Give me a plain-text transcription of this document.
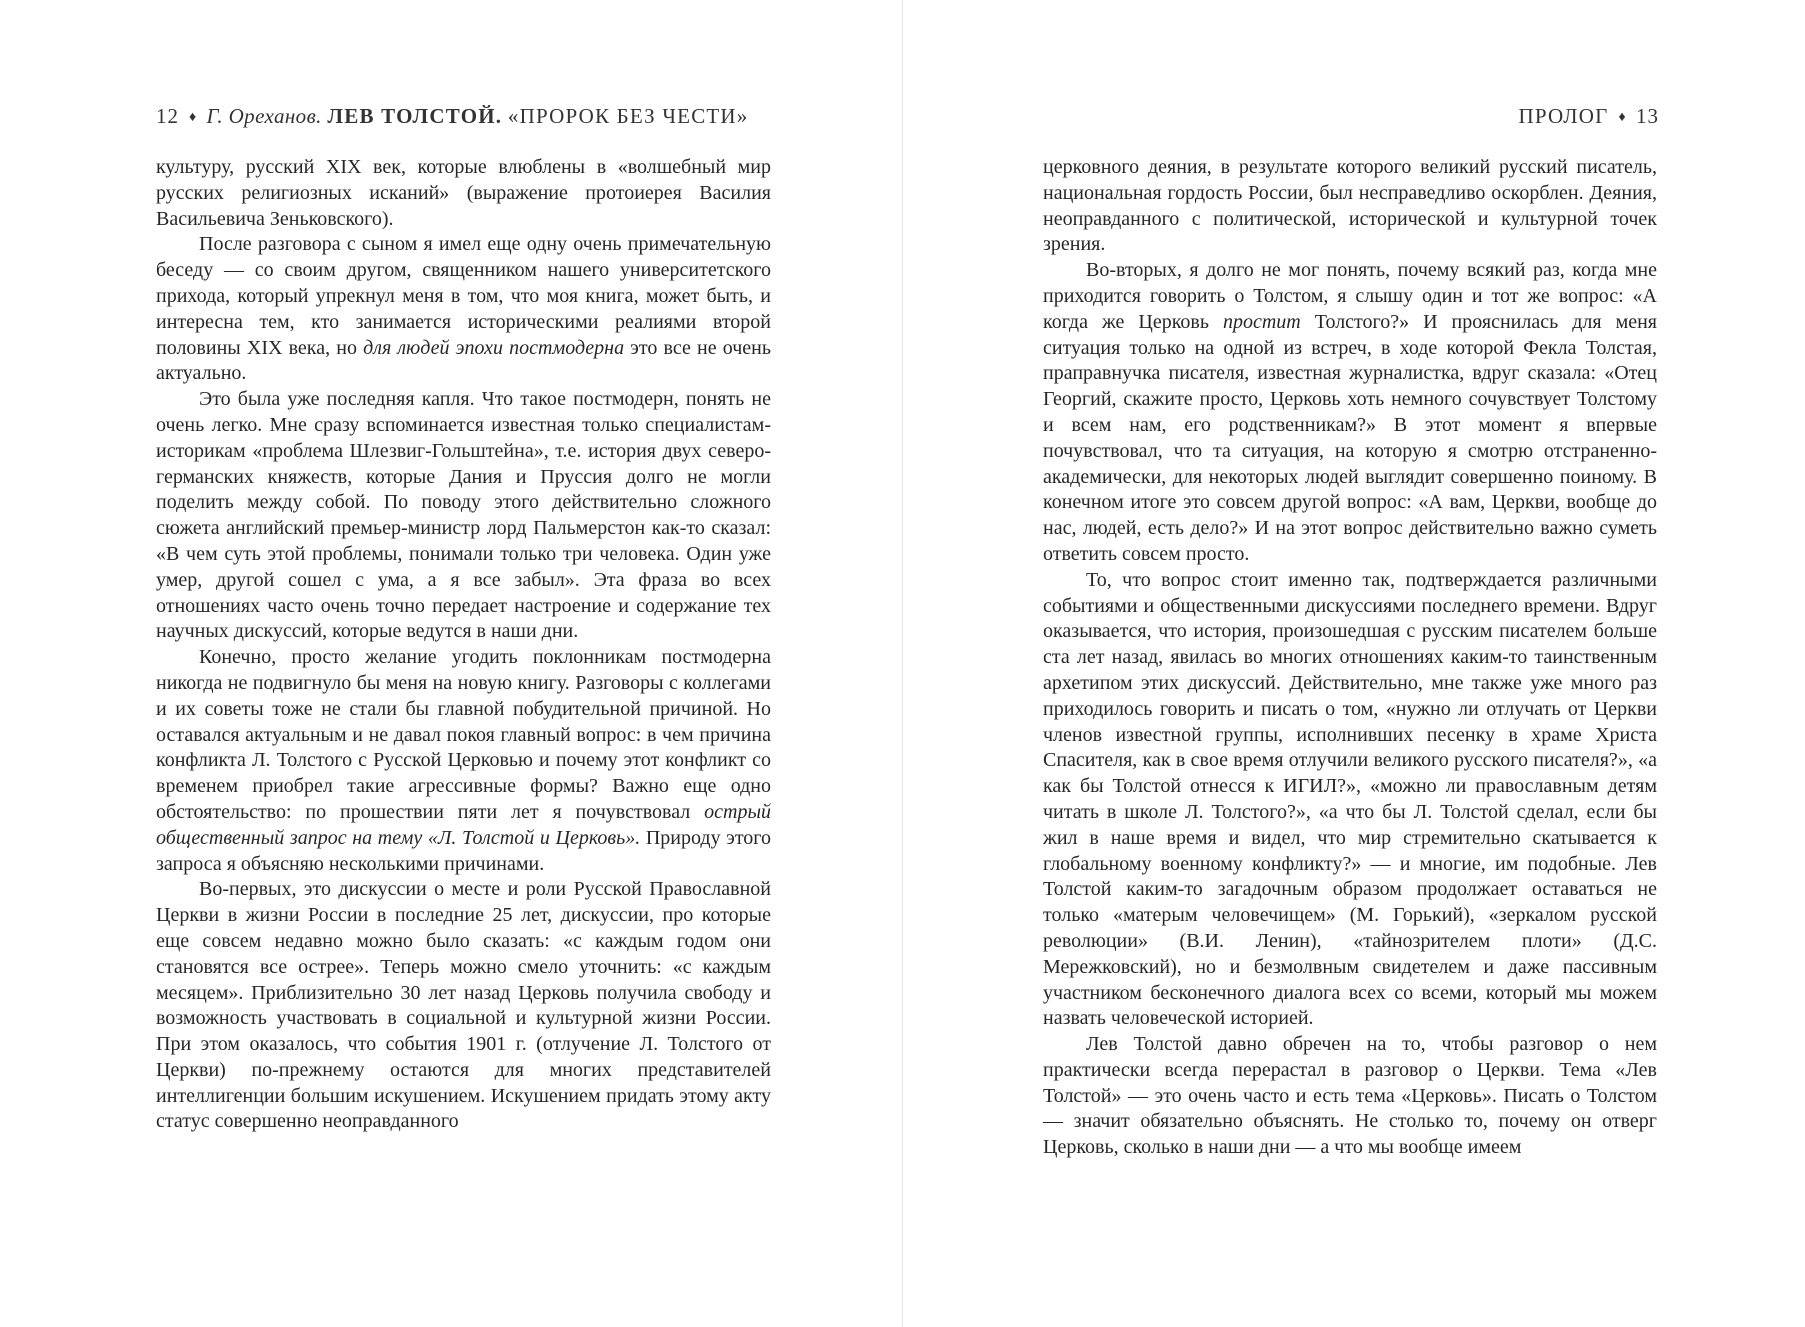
12 ♦ Г. Ореханов. ЛЕВ ТОЛСТОЙ. «ПРОРОК БЕЗ ЧЕСТИ»

культуру, русский XIX век, которые влюблены в «волшебный мир русских религиозных исканий» (выражение протоиерея Василия Васильевича Зеньковского).

После разговора с сыном я имел еще одну очень примечательную беседу — со своим другом, священником нашего университетского прихода, который упрекнул меня в том, что моя книга, может быть, и интересна тем, кто занимается историческими реалиями второй половины XIX века, но для людей эпохи постмодерна это все не очень актуально.

Это была уже последняя капля. Что такое постмодерн, понять не очень легко. Мне сразу вспоминается известная только специалистам-историкам «проблема Шлезвиг-Гольштейна», т.е. история двух северо-германских княжеств, которые Дания и Пруссия долго не могли поделить между собой. По поводу этого действительно сложного сюжета английский премьер-министр лорд Пальмерстон как-то сказал: «В чем суть этой проблемы, понимали только три человека. Один уже умер, другой сошел с ума, а я все забыл». Эта фраза во всех отношениях часто очень точно передает настроение и содержание тех научных дискуссий, которые ведутся в наши дни.

Конечно, просто желание угодить поклонникам постмодерна никогда не подвигнуло бы меня на новую книгу. Разговоры с коллегами и их советы тоже не стали бы главной побудительной причиной. Но оставался актуальным и не давал покоя главный вопрос: в чем причина конфликта Л. Толстого с Русской Церковью и почему этот конфликт со временем приобрел такие агрессивные формы? Важно еще одно обстоятельство: по прошествии пяти лет я почувствовал острый общественный запрос на тему «Л. Толстой и Церковь». Природу этого запроса я объясняю несколькими причинами.

Во-первых, это дискуссии о месте и роли Русской Православной Церкви в жизни России в последние 25 лет, дискуссии, про которые еще совсем недавно можно было сказать: «с каждым годом они становятся все острее». Теперь можно смело уточнить: «с каждым месяцем». Приблизительно 30 лет назад Церковь получила свободу и возможность участвовать в социальной и культурной жизни России. При этом оказалось, что события 1901 г. (отлучение Л. Толстого от Церкви) по-прежнему остаются для многих представителей интеллигенции большим искушением. Искушением придать этому акту статус совершенно неоправданного

ПРОЛОГ ♦ 13

церковного деяния, в результате которого великий русский писатель, национальная гордость России, был несправедливо оскорблен. Деяния, неоправданного с политической, исторической и культурной точек зрения.

Во-вторых, я долго не мог понять, почему всякий раз, когда мне приходится говорить о Толстом, я слышу один и тот же вопрос: «А когда же Церковь простит Толстого?» И прояснилась для меня ситуация только на одной из встреч, в ходе которой Фекла Толстая, праправнучка писателя, известная журналистка, вдруг сказала: «Отец Георгий, скажите просто, Церковь хоть немного сочувствует Толстому и всем нам, его родственникам?» В этот момент я впервые почувствовал, что та ситуация, на которую я смотрю отстраненно-академически, для некоторых людей выглядит совершенно поиному. В конечном итоге это совсем другой вопрос: «А вам, Церкви, вообще до нас, людей, есть дело?» И на этот вопрос действительно важно суметь ответить совсем просто.

То, что вопрос стоит именно так, подтверждается различными событиями и общественными дискуссиями последнего времени. Вдруг оказывается, что история, произошедшая с русским писателем больше ста лет назад, явилась во многих отношениях каким-то таинственным архетипом этих дискуссий. Действительно, мне также уже много раз приходилось говорить и писать о том, «нужно ли отлучать от Церкви членов известной группы, исполнивших песенку в храме Христа Спасителя, как в свое время отлучили великого русского писателя?», «а как бы Толстой отнесся к ИГИЛ?», «можно ли православным детям читать в школе Л. Толстого?», «а что бы Л. Толстой сделал, если бы жил в наше время и видел, что мир стремительно скатывается к глобальному военному конфликту?» — и многие, им подобные. Лев Толстой каким-то загадочным образом продолжает оставаться не только «матерым человечищем» (М. Горький), «зеркалом русской революции» (В.И. Ленин), «тайнозрителем плоти» (Д.С. Мережковский), но и безмолвным свидетелем и даже пассивным участником бесконечного диалога всех со всеми, который мы можем назвать человеческой историей.

Лев Толстой давно обречен на то, чтобы разговор о нем практически всегда перерастал в разговор о Церкви. Тема «Лев Толстой» — это очень часто и есть тема «Церковь». Писать о Толстом — значит обязательно объяснять. Не столько то, почему он отверг Церковь, сколько в наши дни — а что мы вообще имеем
